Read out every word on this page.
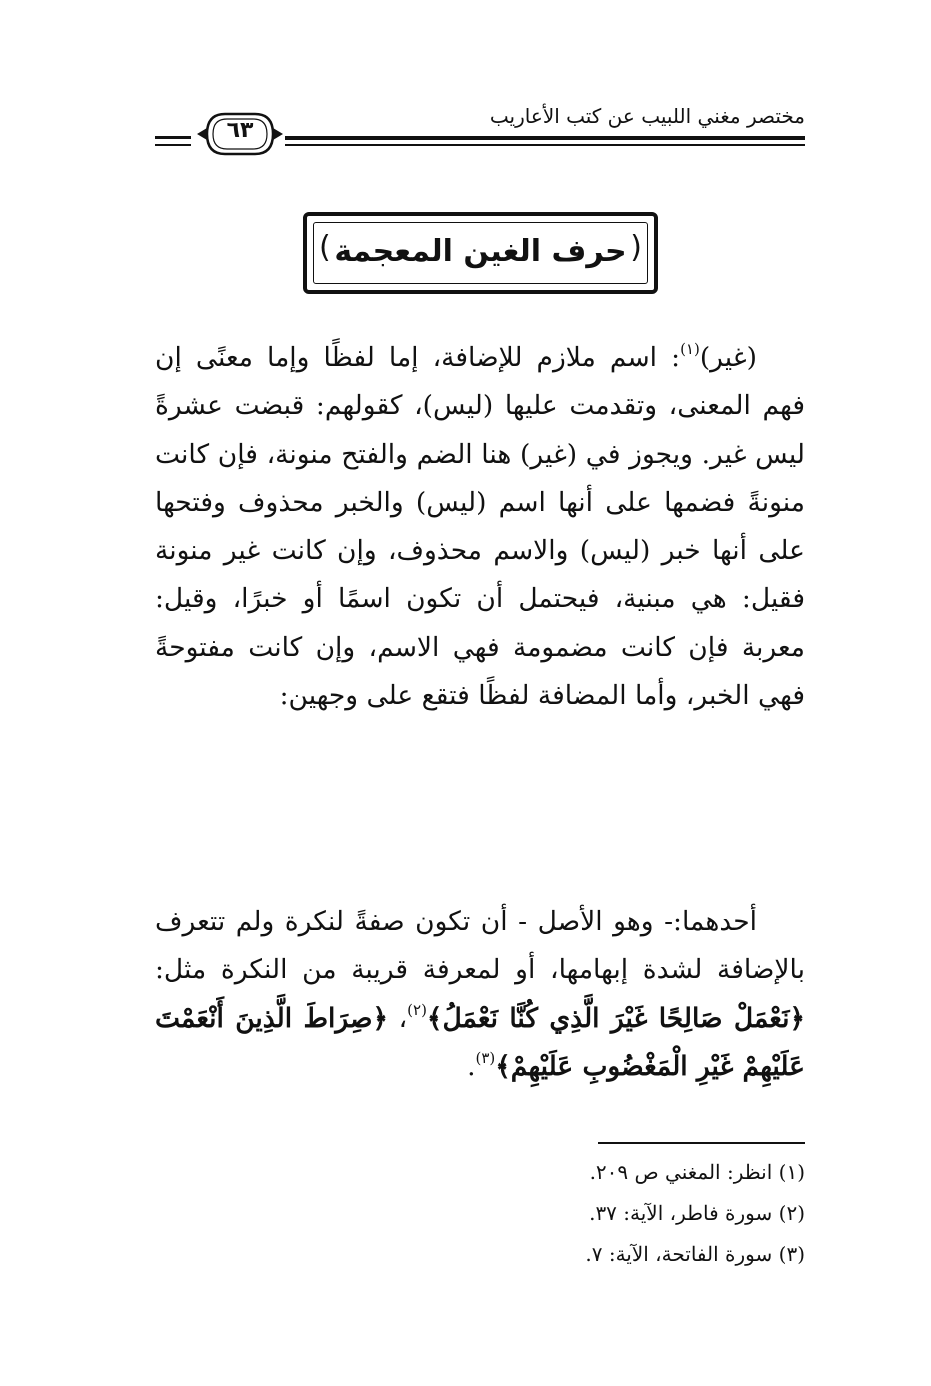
مختصر مغني اللبيب عن كتب الأعاريب
٦٣
(	)
حرف الغين المعجمة

(غير)$^{(١)}$: اسم ملازم للإضافة، إما لفظًا وإما معنًى إن فهم المعنى، وتقدمت عليها (ليس)، كقولهم: قبضت عشرةً ليس غير. ويجوز في (غير) هنا الضم والفتح منونة، فإن كانت منونةً فضمها على أنها اسم (ليس) والخبر محذوف وفتحها على أنها خبر (ليس) والاسم محذوف، وإن كانت غير منونة فقيل: هي مبنية، فيحتمل أن تكون اسمًا أو خبرًا، وقيل: معربة فإن كانت مضمومة فهي الاسم، وإن كانت مفتوحةً فهي الخبر، وأما المضافة لفظًا فتقع على وجهين:

أحدهما:- وهو الأصل - أن تكون صفةً لنكرة ولم تتعرف بالإضافة لشدة إبهامها، أو لمعرفة قريبة من النكرة مثل: ﴿نَعْمَلْ صَالِحًا غَيْرَ الَّذِي كُنَّا نَعْمَلُ﴾$^{(٢)}$، ﴿صِرَاطَ الَّذِينَ أَنْعَمْتَ عَلَيْهِمْ غَيْرِ الْمَغْضُوبِ عَلَيْهِمْ﴾$^{(٣)}$.

(١) انظر: المغني ص ٢٠٩.
(٢) سورة فاطر، الآية: ٣٧.
(٣) سورة الفاتحة، الآية: ٧.
